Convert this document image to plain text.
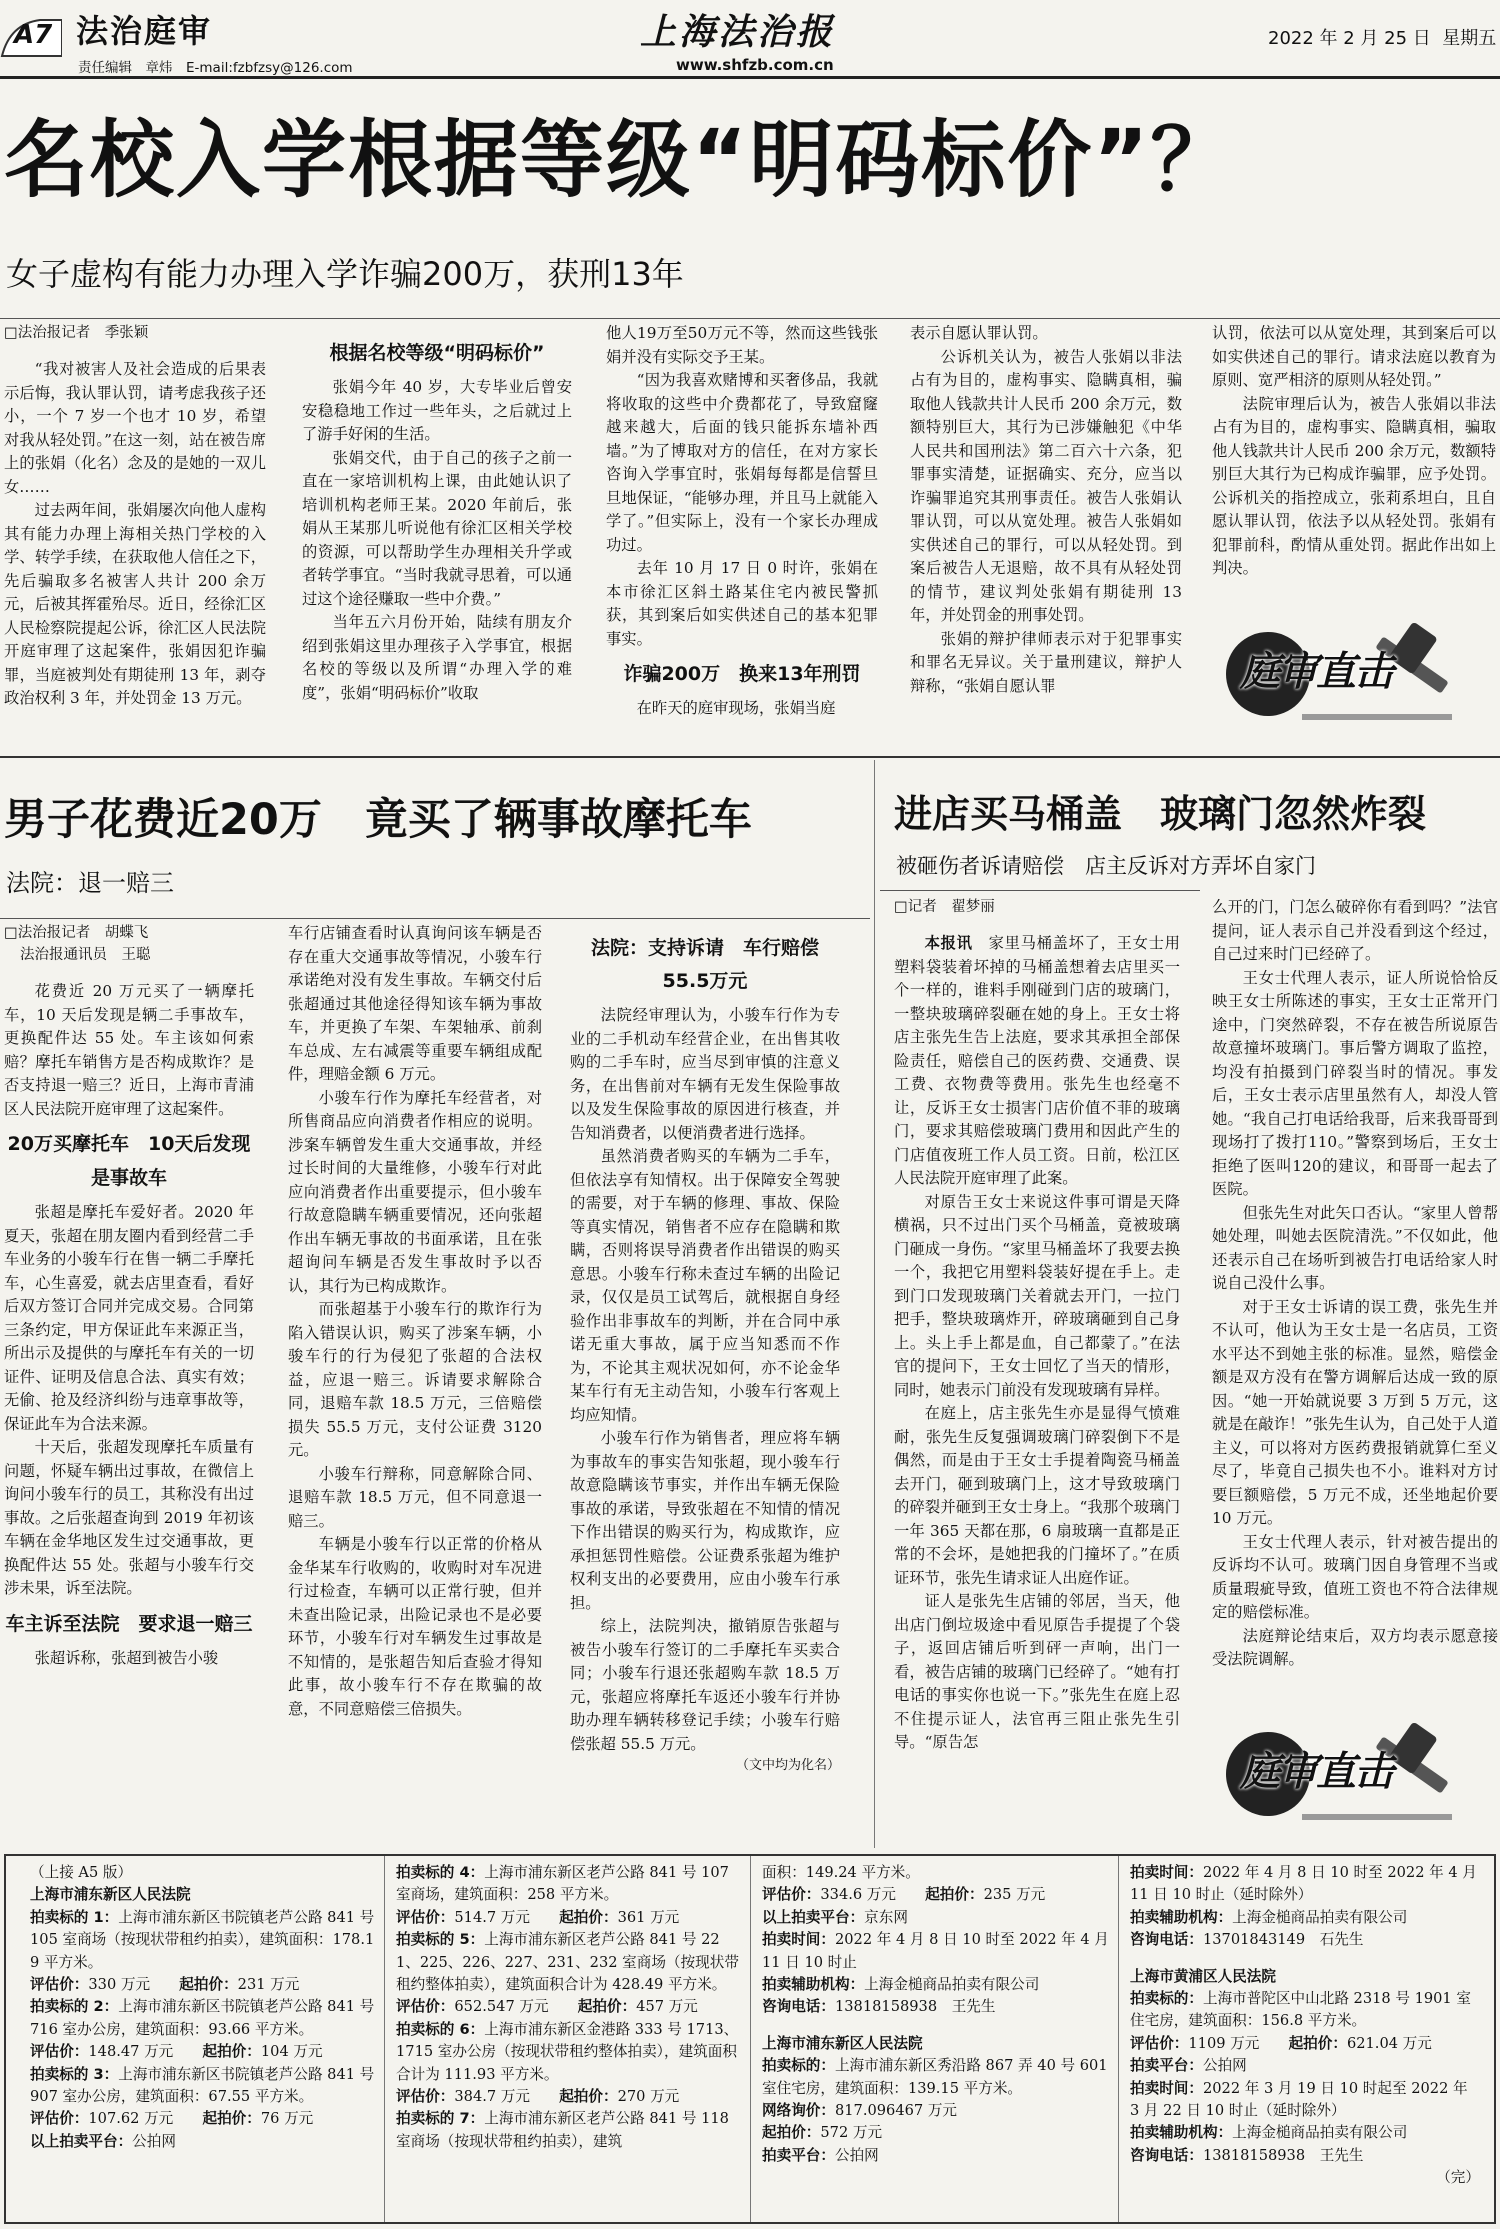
A7 法治庭审
责任编辑　章炜　E-mail:fzbfzsy@126.com
上海法治报
www.shfzb.com.cn
2022 年 2 月 25 日 星期五
名校入学根据等级“明码标价”？
女子虚构有能力办理入学诈骗200万，获刑13年
□法治报记者　季张颖

“我对被害人及社会造成的后果表示后悔，我认罪认罚，请考虑我孩子还小，一个 7 岁一个也才 10 岁，希望对我从轻处罚。”在这一刻，站在被告席上的张娟（化名）念及的是她的一双儿女……

过去两年间，张娟屡次向他人虚构其有能力办理上海相关热门学校的入学、转学手续，在获取他人信任之下，先后骗取多名被害人共计 200 余万元，后被其挥霍殆尽。近日，经徐汇区人民检察院提起公诉，徐汇区人民法院开庭审理了这起案件，张娟因犯诈骗罪，当庭被判处有期徒刑 13 年，剥夺政治权利 3 年，并处罚金 13 万元。

根据名校等级“明码标价”

张娟今年 40 岁，大专毕业后曾安安稳稳地工作过一些年头，之后就过上了游手好闲的生活。

张娟交代，由于自己的孩子之前一直在一家培训机构上课，由此她认识了培训机构老师王某。2020 年前后，张娟从王某那儿听说他有徐汇区相关学校的资源，可以帮助学生办理相关升学或者转学事宜。“当时我就寻思着，可以通过这个途径赚取一些中介费。”

当年五六月份开始，陆续有朋友介绍到张娟这里办理孩子入学事宜，根据名校的等级以及所谓“办理入学的难度”，张娟“明码标价”收取

他人19万至50万元不等，然而这些钱张娟并没有实际交予王某。

“因为我喜欢赌博和买奢侈品，我就将收取的这些中介费都花了，导致窟窿越来越大，后面的钱只能拆东墙补西墙。”为了博取对方的信任，在对方家长咨询入学事宜时，张娟每每都是信誓旦旦地保证，“能够办理，并且马上就能入学了。”但实际上，没有一个家长办理成功过。

去年 10 月 17 日 0 时许，张娟在本市徐汇区斜土路某住宅内被民警抓获，其到案后如实供述自己的基本犯罪事实。

诈骗200万　换来13年刑罚

在昨天的庭审现场，张娟当庭

表示自愿认罪认罚。

公诉机关认为，被告人张娟以非法占有为目的，虚构事实、隐瞒真相，骗取他人钱款共计人民币 200 余万元，数额特别巨大，其行为已涉嫌触犯《中华人民共和国刑法》第二百六十六条，犯罪事实清楚，证据确实、充分，应当以诈骗罪追究其刑事责任。被告人张娟认罪认罚，可以从宽处理。被告人张娟如实供述自己的罪行，可以从轻处罚。到案后被告人无退赔，故不具有从轻处罚的情节，建议判处张娟有期徒刑 13 年，并处罚金的刑事处罚。

张娟的辩护律师表示对于犯罪事实和罪名无异议。关于量刑建议，辩护人辩称，“张娟自愿认罪

认罚，依法可以从宽处理，其到案后可以如实供述自己的罪行。请求法庭以教育为原则、宽严相济的原则从轻处罚。”

法院审理后认为，被告人张娟以非法占有为目的，虚构事实、隐瞒真相，骗取他人钱款共计人民币 200 余万元，数额特别巨大其行为已构成诈骗罪，应予处罚。公诉机关的指控成立，张莉系坦白，且自愿认罪认罚，依法予以从轻处罚。张娟有犯罪前科，酌情从重处罚。据此作出如上判决。

庭审直击
男子花费近20万　竟买了辆事故摩托车
法院：退一赔三
□法治报记者　胡蝶飞
法治报通讯员　王聪

花费近 20 万元买了一辆摩托车，10 天后发现是辆二手事故车，更换配件达 55 处。车主该如何索赔？摩托车销售方是否构成欺诈？是否支持退一赔三？近日，上海市青浦区人民法院开庭审理了这起案件。

20万买摩托车　10天后发现是事故车

张超是摩托车爱好者。2020 年夏天，张超在朋友圈内看到经营二手车业务的小骏车行在售一辆二手摩托车，心生喜爱，就去店里查看，看好后双方签订合同并完成交易。合同第三条约定，甲方保证此车来源正当，所出示及提供的与摩托车有关的一切证件、证明及信息合法、真实有效；无偷、抢及经济纠纷与违章事故等，保证此车为合法来源。

十天后，张超发现摩托车质量有问题，怀疑车辆出过事故，在微信上询问小骏车行的员工，其称没有出过事故。之后张超查询到 2019 年初该车辆在金华地区发生过交通事故，更换配件达 55 处。张超与小骏车行交涉未果，诉至法院。

车主诉至法院　要求退一赔三

张超诉称，张超到被告小骏

车行店铺查看时认真询问该车辆是否存在重大交通事故等情况，小骏车行承诺绝对没有发生事故。车辆交付后张超通过其他途径得知该车辆为事故车，并更换了车架、车架轴承、前刹车总成、左右减震等重要车辆组成配件，理赔金额 6 万元。

小骏车行作为摩托车经营者，对所售商品应向消费者作相应的说明。涉案车辆曾发生重大交通事故，并经过长时间的大量维修，小骏车行对此应向消费者作出重要提示，但小骏车行故意隐瞒车辆重要情况，还向张超作出车辆无事故的书面承诺，且在张超询问车辆是否发生事故时予以否认，其行为已构成欺诈。

而张超基于小骏车行的欺诈行为陷入错误认识，购买了涉案车辆，小骏车行的行为侵犯了张超的合法权益，应退一赔三。诉请要求解除合同，退赔车款 18.5 万元，三倍赔偿损失 55.5 万元，支付公证费 3120 元。

小骏车行辩称，同意解除合同、退赔车款 18.5 万元，但不同意退一赔三。

车辆是小骏车行以正常的价格从金华某车行收购的，收购时对车况进行过检查，车辆可以正常行驶，但并未查出险记录，出险记录也不是必要环节，小骏车行对车辆发生过事故是不知情的，是张超告知后查验才得知此事，故小骏车行不存在欺骗的故意，不同意赔偿三倍损失。

法院：支持诉请　车行赔偿55.5万元

法院经审理认为，小骏车行作为专业的二手机动车经营企业，在出售其收购的二手车时，应当尽到审慎的注意义务，在出售前对车辆有无发生保险事故以及发生保险事故的原因进行核查，并告知消费者，以便消费者进行选择。

虽然消费者购买的车辆为二手车，但依法享有知情权。出于保障安全驾驶的需要，对于车辆的修理、事故、保险等真实情况，销售者不应存在隐瞒和欺瞒，否则将误导消费者作出错误的购买意思。小骏车行称未查过车辆的出险记录，仅仅是员工试驾后，就根据自身经验作出非事故车的判断，并在合同中承诺无重大事故，属于应当知悉而不作为，不论其主观状况如何，亦不论金华某车行有无主动告知，小骏车行客观上均应知情。

小骏车行作为销售者，理应将车辆为事故车的事实告知张超，现小骏车行故意隐瞒该节事实，并作出车辆无保险事故的承诺，导致张超在不知情的情况下作出错误的购买行为，构成欺诈，应承担惩罚性赔偿。公证费系张超为维护权利支出的必要费用，应由小骏车行承担。

综上，法院判决，撤销原告张超与被告小骏车行签订的二手摩托车买卖合同；小骏车行退还张超购车款 18.5 万元，张超应将摩托车返还小骏车行并协助办理车辆转移登记手续；小骏车行赔偿张超 55.5 万元。

（文中均为化名）
进店买马桶盖　玻璃门忽然炸裂
被砸伤者诉请赔偿　店主反诉对方弄坏自家门
□记者　翟梦丽

本报讯　 家里马桶盖坏了，王女士用塑料袋装着坏掉的马桶盖想着去店里买一个一样的，谁料手刚碰到门店的玻璃门，一整块玻璃碎裂砸在她的身上。王女士将店主张先生告上法庭，要求其承担全部保险责任，赔偿自己的医药费、交通费、误工费、衣物费等费用。张先生也经毫不让，反诉王女士损害门店价值不菲的玻璃门，要求其赔偿玻璃门费用和因此产生的门店值夜班工作人员工资。日前，松江区人民法院开庭审理了此案。

对原告王女士来说这件事可谓是天降横祸，只不过出门买个马桶盖，竟被玻璃门砸成一身伤。“家里马桶盖坏了我要去换一个，我把它用塑料袋装好提在手上。走到门口发现玻璃门关着就去开门，一拉门把手，整块玻璃炸开，碎玻璃砸到自己身上。头上手上都是血，自己都蒙了。”在法官的提问下，王女士回忆了当天的情形，同时，她表示门前没有发现玻璃有异样。

在庭上，店主张先生亦是显得气愤难耐，张先生反复强调玻璃门碎裂倒下不是偶然，而是由于王女士手提着陶瓷马桶盖去开门，砸到玻璃门上，这才导致玻璃门的碎裂并砸到王女士身上。“我那个玻璃门一年 365 天都在那，6 扇玻璃一直都是正常的不会坏，是她把我的门撞坏了。”在质证环节，张先生请求证人出庭作证。

证人是张先生店铺的邻居，当天，他出店门倒垃圾途中看见原告手提提了个袋子，返回店铺后听到砰一声响，出门一看，被告店铺的玻璃门已经碎了。“她有打电话的事实你也说一下。”张先生在庭上忍不住提示证人，法官再三阻止张先生引导。“原告怎

么开的门，门怎么破碎你有看到吗？”法官提问，证人表示自己并没看到这个经过，自己过来时门已经碎了。

王女士代理人表示，证人所说恰恰反映王女士所陈述的事实，王女士正常开门途中，门突然碎裂，不存在被告所说原告故意撞坏玻璃门。事后警方调取了监控，均没有拍摄到门碎裂当时的情况。事发后，王女士表示店里虽然有人，却没人管她。“我自己打电话给我哥，后来我哥哥到现场打了拨打110。”警察到场后，王女士拒绝了医叫120的建议，和哥哥一起去了医院。

但张先生对此矢口否认。“家里人曾帮她处理，叫她去医院清洗。”不仅如此，他还表示自己在场听到被告打电话给家人时说自己没什么事。

对于王女士诉请的误工费，张先生并不认可，他认为王女士是一名店员，工资水平达不到她主张的标准。显然，赔偿金额是双方没有在警方调解后达成一致的原因。“她一开始就说要 3 万到 5 万元，这就是在敲诈！”张先生认为，自己处于人道主义，可以将对方医药费报销就算仁至义尽了，毕竟自己损失也不小。谁料对方讨要巨额赔偿，5 万元不成，还坐地起价要 10 万元。

王女士代理人表示，针对被告提出的反诉均不认可。玻璃门因自身管理不当或质量瑕疵导致，值班工资也不符合法律规定的赔偿标准。

法庭辩论结束后，双方均表示愿意接受法院调解。

庭审直击
（上接 A5 版）
上海市浦东新区人民法院
拍卖标的 1：上海市浦东新区书院镇老芦公路 841 号 105 室商场（按现状带租约拍卖），建筑面积：178.19 平方米。
评估价：330 万元　　 起拍价：231 万元
拍卖标的 2：上海市浦东新区书院镇老芦公路 841 号 716 室办公房，建筑面积：93.66 平方米。
评估价：148.47 万元　　 起拍价：104 万元
拍卖标的 3：上海市浦东新区书院镇老芦公路 841 号 907 室办公房，建筑面积：67.55 平方米。
评估价：107.62 万元　　 起拍价：76 万元
以上拍卖平台：公拍网
拍卖标的 4：上海市浦东新区老芦公路 841 号 107 室商场，建筑面积：258 平方米。
评估价：514.7 万元　　 起拍价：361 万元
拍卖标的 5：上海市浦东新区老芦公路 841 号 221、225、226、227、231、232 室商场（按现状带租约整体拍卖），建筑面积合计为 428.49 平方米。
评估价：652.547 万元　　 起拍价：457 万元
拍卖标的 6：上海市浦东新区金港路 333 号 1713、1715 室办公房（按现状带租约整体拍卖），建筑面积合计为 111.93 平方米。
评估价：384.7 万元　　 起拍价：270 万元
拍卖标的 7：上海市浦东新区老芦公路 841 号 118 室商场（按现状带租约拍卖），建筑
面积：149.24 平方米。
评估价：334.6 万元　　 起拍价：235 万元
以上拍卖平台：京东网
拍卖时间：2022 年 4 月 8 日 10 时至 2022 年 4 月 11 日 10 时止
拍卖辅助机构：上海金槌商品拍卖有限公司
咨询电话：13818158938　王先生
上海市浦东新区人民法院
拍卖标的：上海市浦东新区秀沿路 867 弄 40 号 601 室住宅房，建筑面积：139.15 平方米。
网络询价：817.096467 万元
起拍价：572 万元
拍卖平台：公拍网
拍卖时间：2022 年 4 月 8 日 10 时至 2022 年 4 月 11 日 10 时止（延时除外）
拍卖辅助机构：上海金槌商品拍卖有限公司
咨询电话：13701843149　石先生
上海市黄浦区人民法院
拍卖标的：上海市普陀区中山北路 2318 号 1901 室住宅房，建筑面积：156.8 平方米。
评估价：1109 万元　　 起拍价：621.04 万元
拍卖平台：公拍网
拍卖时间：2022 年 3 月 19 日 10 时起至 2022 年 3 月 22 日 10 时止（延时除外）
拍卖辅助机构：上海金槌商品拍卖有限公司
咨询电话：13818158938　王先生
（完）
